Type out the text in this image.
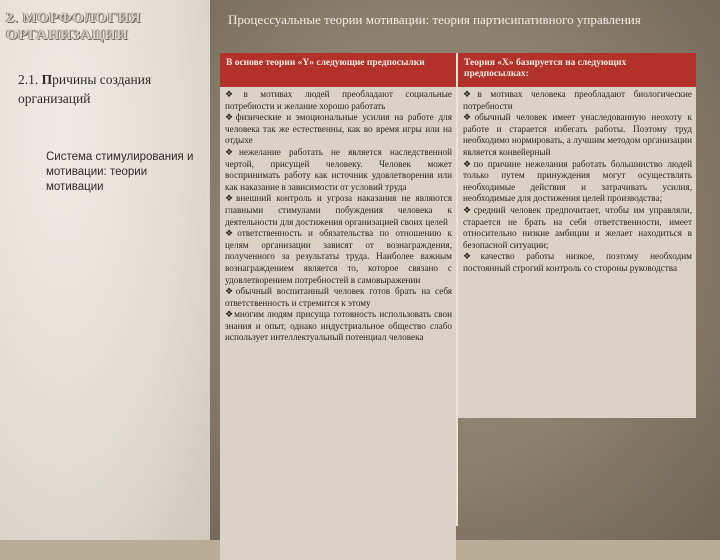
2. МОРФОЛОГИЯ ОРГАНИЗАЦИИ
2.1. Причины создания организаций
Система стимулирования и мотивации: теории мотивации
Процессуальные теории мотивации: теория партисипативного управления
В основе теории «Y» следующие предпосылки

❖в мотивах людей преобладают социальные потребности и желание хорошо работать

❖физические и эмоциональные усилия на работе для человека так же естественны, как во время игры или на отдыхе

❖нежелание работать не является наследственной чертой, присущей человеку. Человек может воспринимать работу как источник удовлетворения или как наказание в зависимости от условий труда

❖внешний контроль и угроза наказания не являются главными стимулами побуждения человека к деятельности для достижения организацией своих целей

❖ответственность и обязательства по отношению к целям организации зависят от вознаграждения, полученного за результаты труда. Наиболее важным вознаграждением является то, которое связано с удовлетворением потребностей в самовыражении

❖обычный воспитанный человек готов брать на себя ответственность и стремится к этому

❖многим людям присуща готовность использовать свои знания и опыт, однако индустриальное общество слабо использует интеллектуальный потенциал человека

Теория «Х» базируется на следующих предпосылках:

❖в мотивах человека преобладают биологические потребности

❖обычный человек имеет унаследованную неохоту к работе и старается избегать работы. Поэтому труд необходимо нормировать, а лучшим методом организации является конвейерный

❖по причине нежелания работать большинство людей только путем принуждения могут осуществлять необходимые действия и затрачивать усилия, необходимые для достижения целей производства;

❖средний человек предпочитает, чтобы им управляли, старается не брать на себя ответственности, имеет относительно низкие амбиции и желает находиться в безопасной ситуации;

❖качество работы низкое, поэтому необходим постоянный строгий контроль со стороны руководства
